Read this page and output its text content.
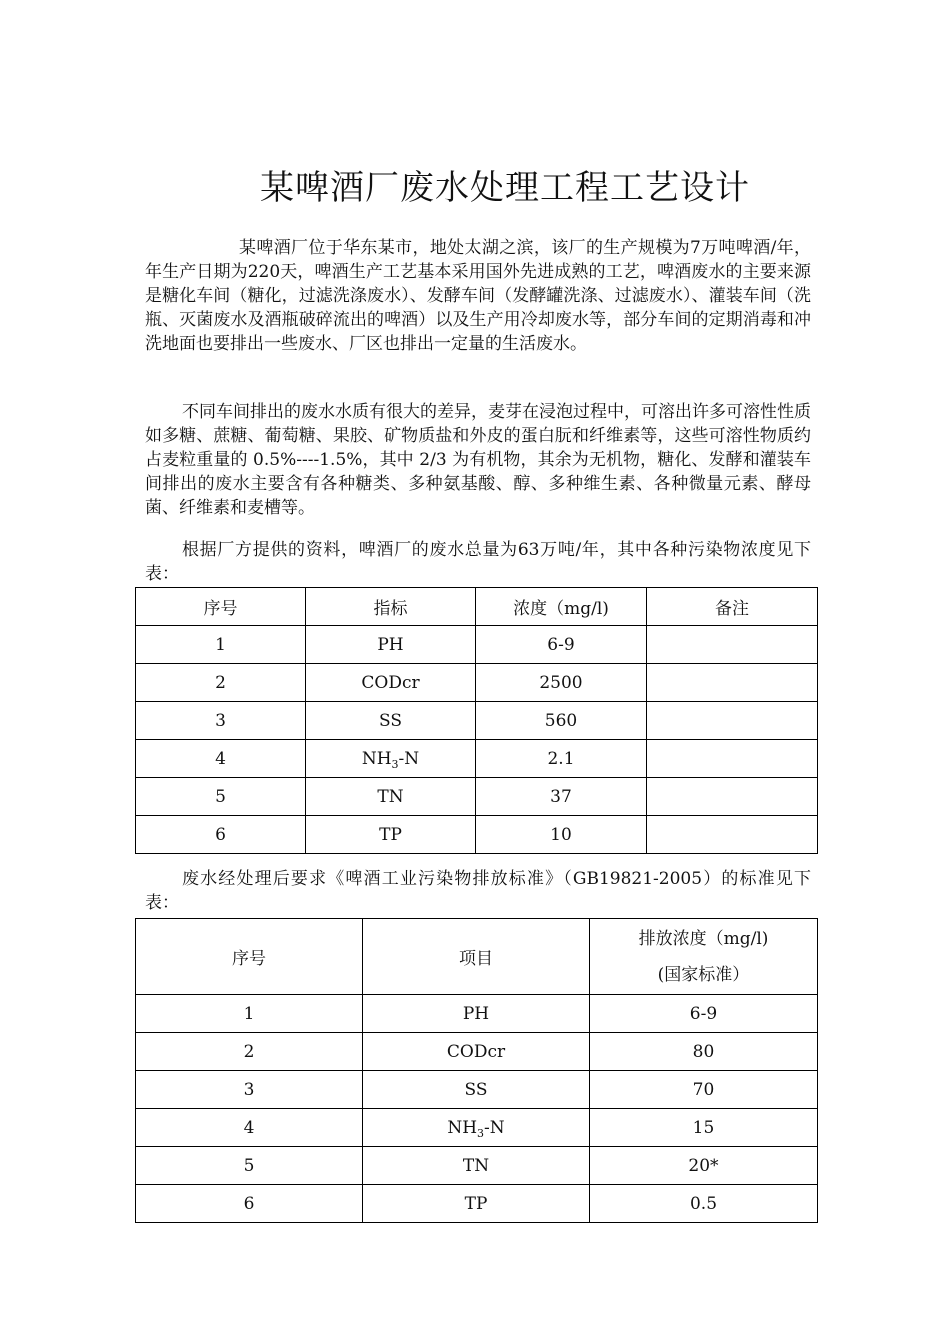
某啤酒厂废水处理工程工艺设计

某啤酒厂位于华东某市，地处太湖之滨，该厂的生产规模为7万吨啤酒/年，年生产日期为220天，啤酒生产工艺基本采用国外先进成熟的工艺，啤酒废水的主要来源是糖化车间（糖化，过滤洗涤废水）、发酵车间（发酵罐洗涤、过滤废水）、灌装车间（洗瓶、灭菌废水及酒瓶破碎流出的啤酒）以及生产用冷却废水等，部分车间的定期消毒和冲洗地面也要排出一些废水、厂区也排出一定量的生活废水。

不同车间排出的废水水质有很大的差异，麦芽在浸泡过程中，可溶出许多可溶性性质如多糖、蔗糖、葡萄糖、果胶、矿物质盐和外皮的蛋白朊和纤维素等，这些可溶性物质约占麦粒重量的 0.5%----1.5%，其中 2/3 为有机物，其余为无机物，糖化、发酵和灌装车间排出的废水主要含有各种糖类、多种氨基酸、醇、多种维生素、各种微量元素、酵母菌、纤维素和麦槽等。

根据厂方提供的资料，啤酒厂的废水总量为63万吨/年，其中各种污染物浓度见下表：

序号	指标	浓度（mg/l)	备注
1	PH	6-9	
2	CODcr	2500	
3	SS	560	
4	$NH_3-N$	2.1	
5	TN	37	
6	TP	10	

废水经处理后要求《啤酒工业污染物排放标准》（GB19821-2005）的标准见下表：

序号	项目	排放浓度（mg/l)
(国家标准）

1	PH	6-9
2	CODcr	80
3	SS	70
4	$NH_3-N$	15
5	TN	20*
6	TP	0.5
